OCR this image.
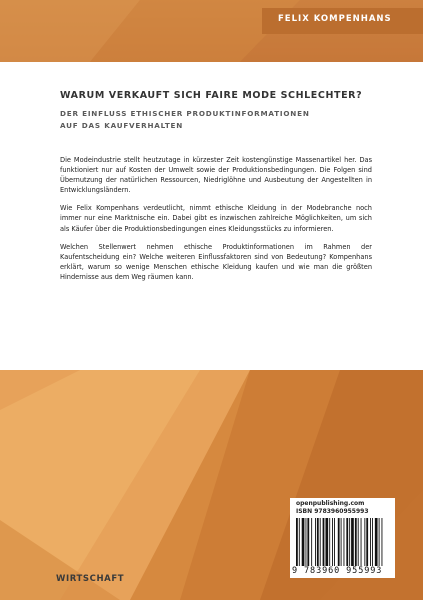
FELIX KOMPENHANS
WARUM VERKAUFT SICH FAIRE MODE SCHLECHTER?
DER EINFLUSS ETHISCHER PRODUKTINFORMATIONEN
AUF DAS KAUFVERHALTEN

Die Modeindustrie stellt heutzutage in kürzester Zeit kostengünstige Massenartikel her. Das funktioniert nur auf Kosten der Umwelt sowie der Produktionsbedingungen. Die Folgen sind Übernutzung der natürlichen Ressourcen, Niedriglöhne und Ausbeutung der Angestellten in Entwicklungsländern.

Wie Felix Kompenhans verdeutlicht, nimmt ethische Kleidung in der Modebranche noch immer nur eine Marktnische ein. Dabei gibt es inzwischen zahlreiche Möglichkeiten, um sich als Käufer über die Produktionsbedingungen eines Kleidungsstücks zu informieren.

Welchen Stellenwert nehmen ethische Produktinformationen im Rahmen der Kaufentscheidung ein? Welche weiteren Einflussfaktoren sind von Bedeutung? Kompenhans erklärt, warum so wenige Menschen ethische Kleidung kaufen und wie man die größten Hindernisse aus dem Weg räumen kann.

WIRTSCHAFT
openpublishing.com
ISBN 9783960955993
9 783960 955993
